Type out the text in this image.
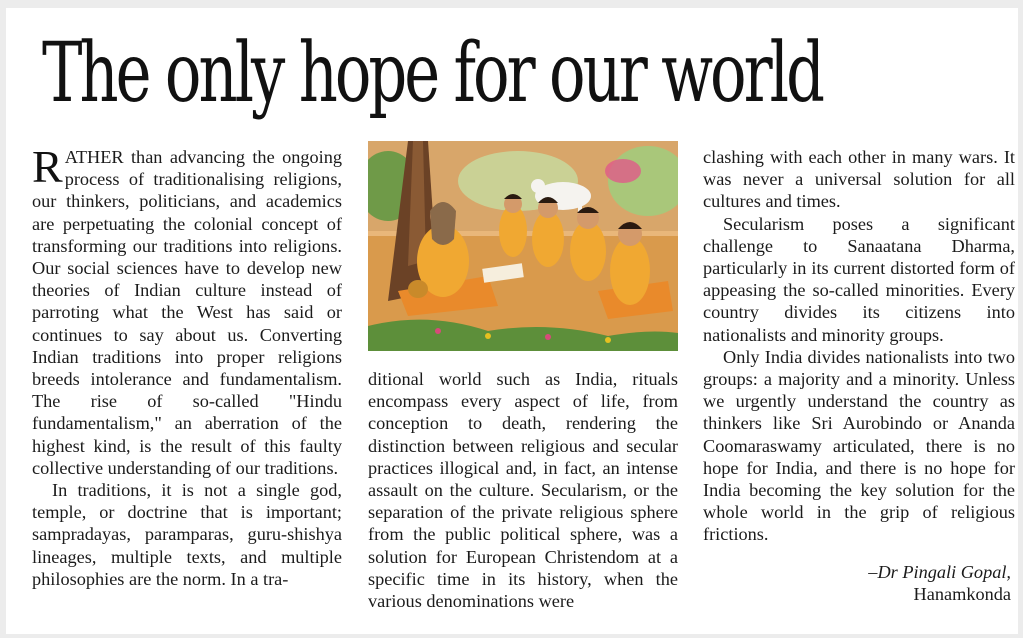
The only hope for our world

RATHER than advancing the ongoing process of traditionalising religions, our thinkers, politicians, and academics are perpetuating the colonial concept of transforming our traditions into religions. Our social sciences have to develop new theories of Indian culture instead of parroting what the West has said or continues to say about us. Converting Indian traditions into proper religions breeds intolerance and fundamentalism. The rise of so-called "Hindu fundamentalism," an aberration of the highest kind, is the result of this faulty collective understanding of our traditions.

In traditions, it is not a single god, temple, or doctrine that is important; sampradayas, paramparas, guru-shishya lineages, multiple texts, and multiple philosophies are the norm. In a tra-

ditional world such as India, rituals encompass every aspect of life, from conception to death, rendering the distinction between religious and secular practices illogical and, in fact, an intense assault on the culture. Secularism, or the separation of the private religious sphere from the public political sphere, was a solution for European Christendom at a specific time in its history, when the various denominations were

clashing with each other in many wars. It was never a universal solution for all cultures and times.

Secularism poses a significant challenge to Sanaatana Dharma, particularly in its current distorted form of appeasing the so-called minorities. Every country divides its citizens into nationalists and minority groups.

Only India divides nationalists into two groups: a majority and a minority. Unless we urgently understand the country as thinkers like Sri Aurobindo or Ananda Coomaraswamy articulated, there is no hope for India, and there is no hope for India becoming the key solution for the whole world in the grip of religious frictions.

–Dr Pingali Gopal,
Hanamkonda
